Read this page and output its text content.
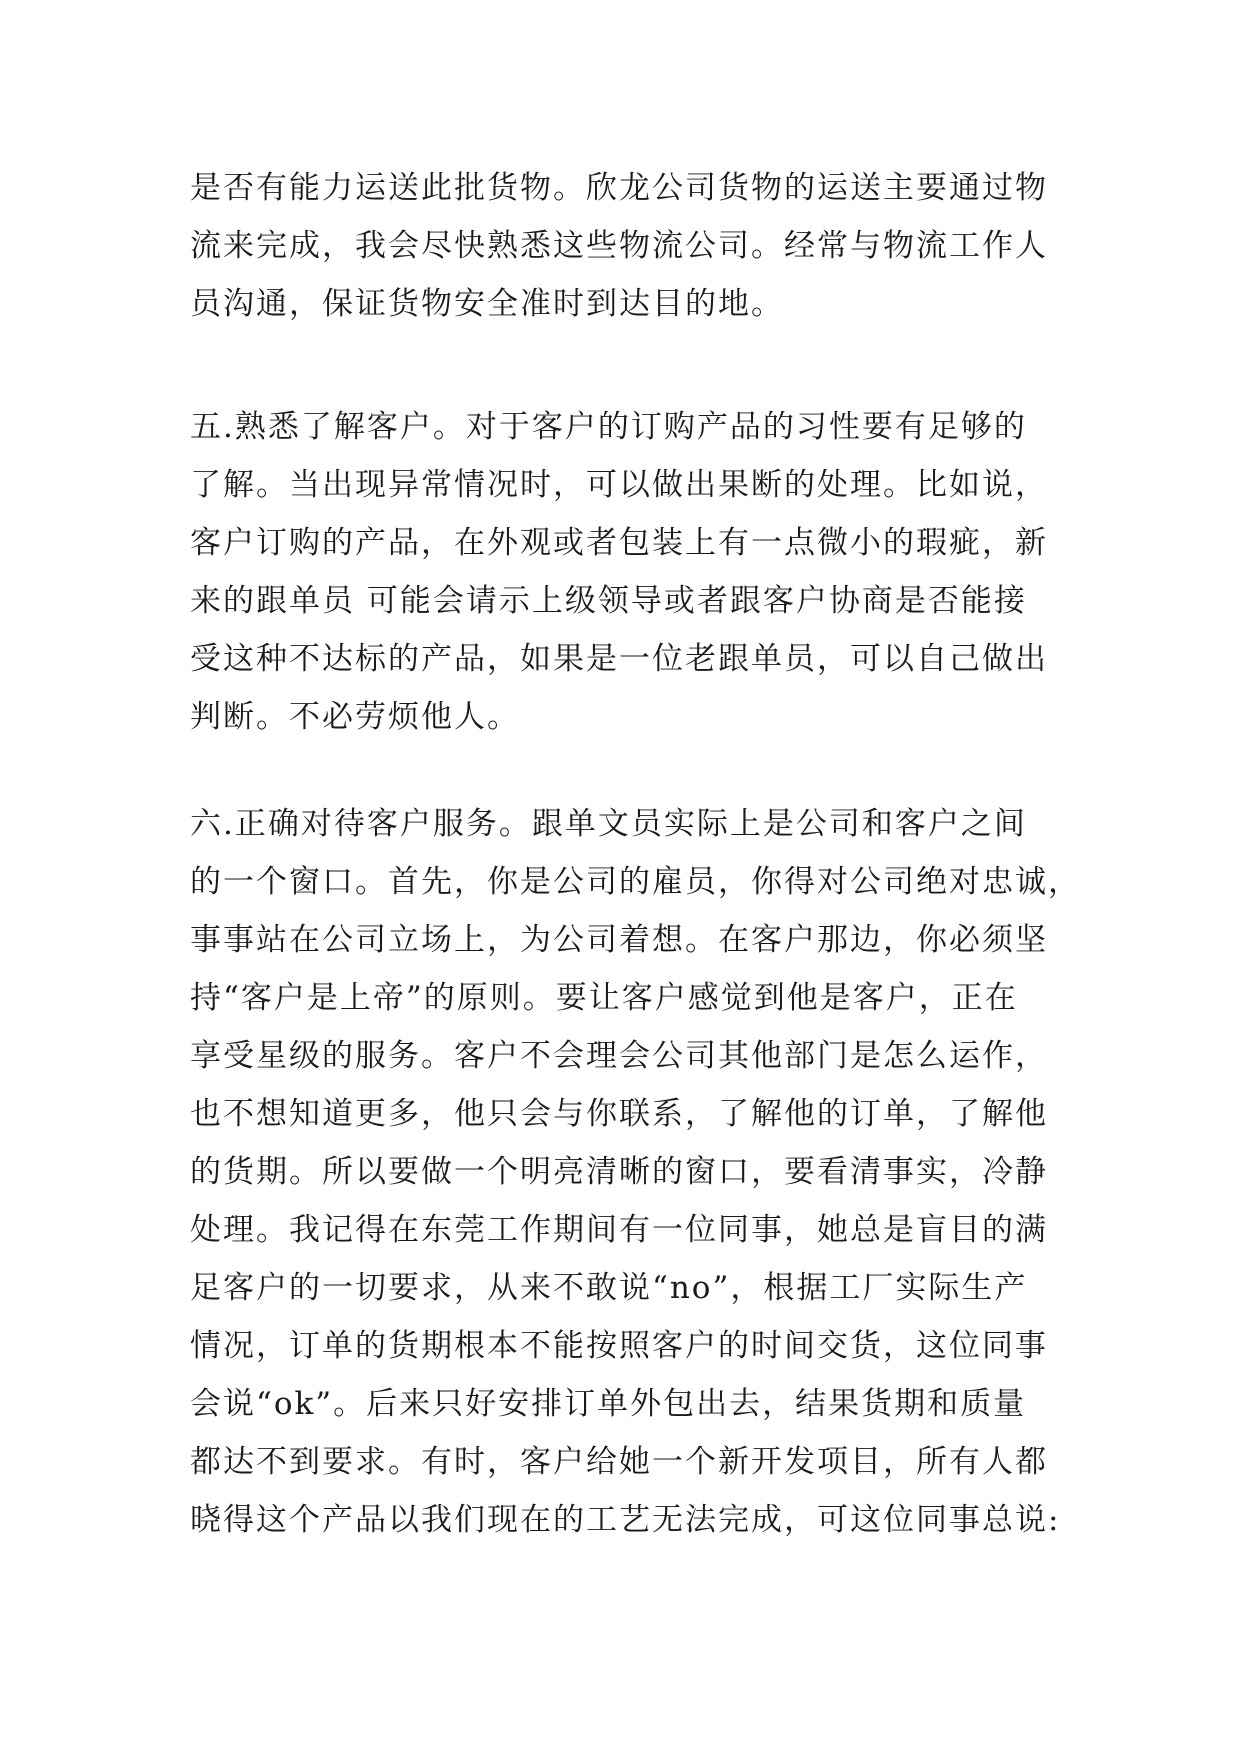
是否有能力运送此批货物。欣龙公司货物的运送主要通过物
流来完成，我会尽快熟悉这些物流公司。经常与物流工作人
员沟通，保证货物安全准时到达目的地。
五.熟悉了解客户。对于客户的订购产品的习性要有足够的
了解。当出现异常情况时，可以做出果断的处理。比如说，
客户订购的产品，在外观或者包装上有一点微小的瑕疵，新
来的跟单员 可能会请示上级领导或者跟客户协商是否能接
受这种不达标的产品，如果是一位老跟单员，可以自己做出
判断。不必劳烦他人。
六.正确对待客户服务。跟单文员实际上是公司和客户之间
的一个窗口。首先，你是公司的雇员，你得对公司绝对忠诚，
事事站在公司立场上，为公司着想。在客户那边，你必须坚
持“客户是上帝”的原则。要让客户感觉到他是客户，正在
享受星级的服务。客户不会理会公司其他部门是怎么运作，
也不想知道更多，他只会与你联系，了解他的订单，了解他
的货期。所以要做一个明亮清晰的窗口，要看清事实，冷静
处理。我记得在东莞工作期间有一位同事，她总是盲目的满
足客户的一切要求，从来不敢说“no”，根据工厂实际生产
情况，订单的货期根本不能按照客户的时间交货，这位同事
会说“ok”。后来只好安排订单外包出去，结果货期和质量
都达不到要求。有时，客户给她一个新开发项目，所有人都
晓得这个产品以我们现在的工艺无法完成，可这位同事总说:
